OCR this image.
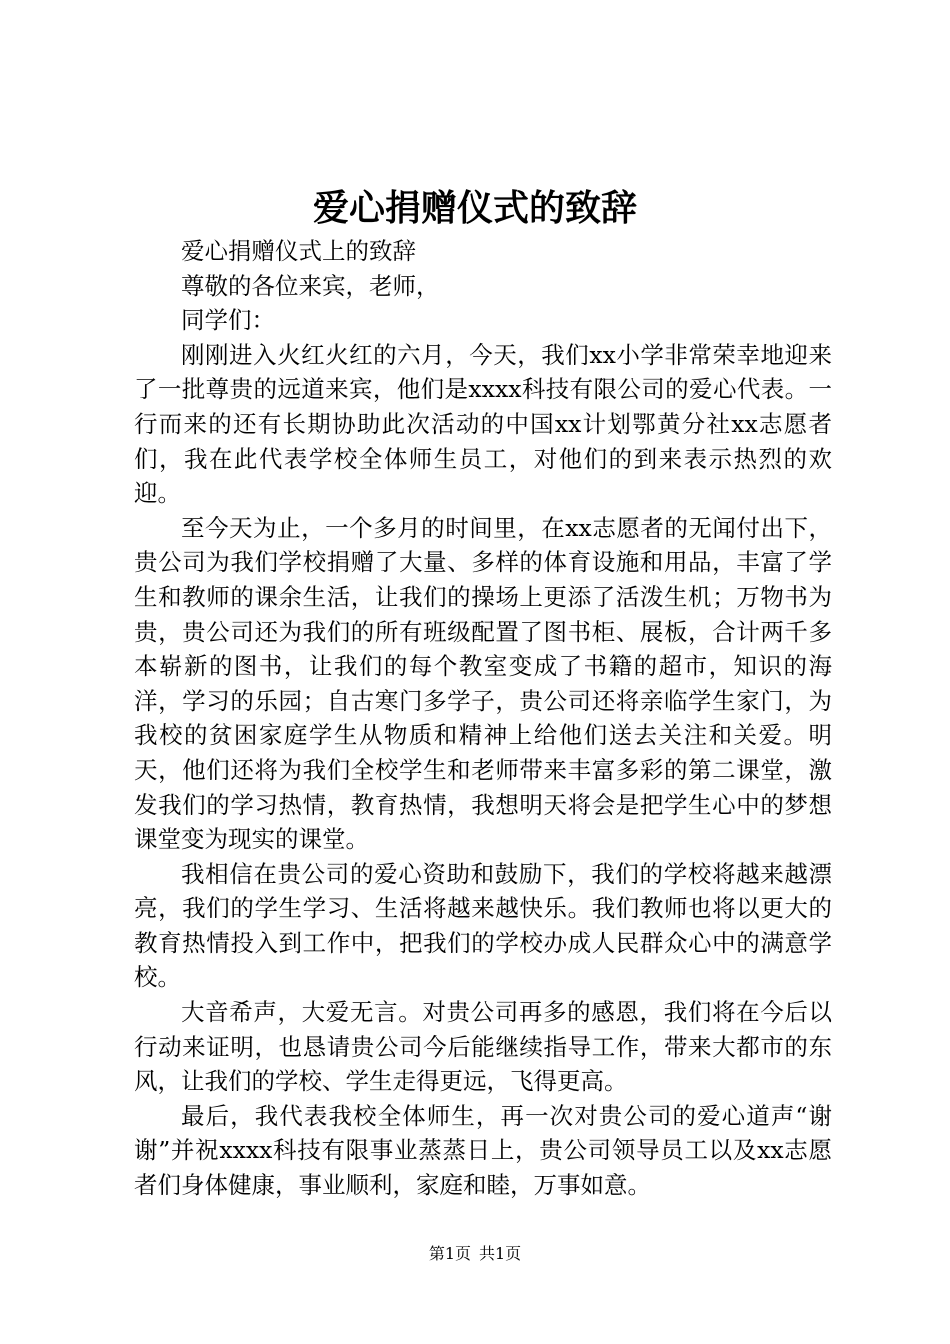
爱心捐赠仪式的致辞

爱心捐赠仪式上的致辞

尊敬的各位来宾，老师，

同学们：

刚刚进入火红火红的六月，今天，我们xx小学非常荣幸地迎来了一批尊贵的远道来宾，他们是xxxx科技有限公司的爱心代表。一行而来的还有长期协助此次活动的中国xx计划鄂黄分社xx志愿者们，我在此代表学校全体师生员工，对他们的到来表示热烈的欢迎。

至今天为止，一个多月的时间里，在xx志愿者的无闻付出下，贵公司为我们学校捐赠了大量、多样的体育设施和用品，丰富了学生和教师的课余生活，让我们的操场上更添了活泼生机；万物书为贵，贵公司还为我们的所有班级配置了图书柜、展板，合计两千多本崭新的图书，让我们的每个教室变成了书籍的超市，知识的海洋，学习的乐园；自古寒门多学子，贵公司还将亲临学生家门，为我校的贫困家庭学生从物质和精神上给他们送去关注和关爱。明天，他们还将为我们全校学生和老师带来丰富多彩的第二课堂，激发我们的学习热情，教育热情，我想明天将会是把学生心中的梦想课堂变为现实的课堂。

我相信在贵公司的爱心资助和鼓励下，我们的学校将越来越漂亮，我们的学生学习、生活将越来越快乐。我们教师也将以更大的教育热情投入到工作中，把我们的学校办成人民群众心中的满意学校。

大音希声，大爱无言。对贵公司再多的感恩，我们将在今后以行动来证明，也恳请贵公司今后能继续指导工作，带来大都市的东风，让我们的学校、学生走得更远，飞得更高。

最后，我代表我校全体师生，再一次对贵公司的爱心道声“谢谢”并祝xxxx科技有限事业蒸蒸日上，贵公司领导员工以及xx志愿者们身体健康，事业顺利，家庭和睦，万事如意。

第1页 共1页
